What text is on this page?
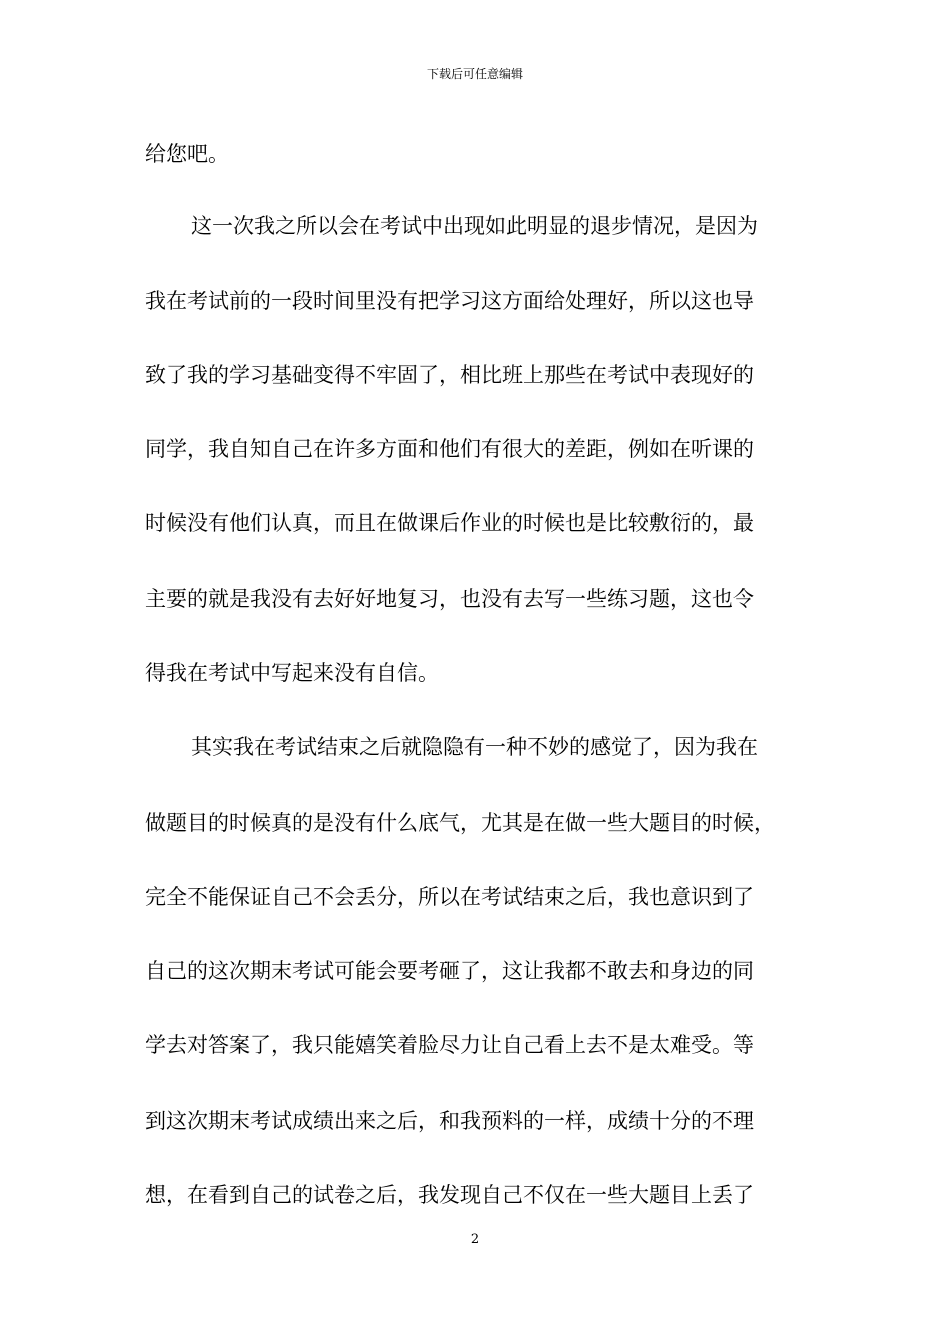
下载后可任意编辑
给您吧。
这一次我之所以会在考试中出现如此明显的退步情况，是因为
我在考试前的一段时间里没有把学习这方面给处理好，所以这也导
致了我的学习基础变得不牢固了，相比班上那些在考试中表现好的
同学，我自知自己在许多方面和他们有很大的差距，例如在听课的
时候没有他们认真，而且在做课后作业的时候也是比较敷衍的，最
主要的就是我没有去好好地复习，也没有去写一些练习题，这也令
得我在考试中写起来没有自信。
其实我在考试结束之后就隐隐有一种不妙的感觉了，因为我在
做题目的时候真的是没有什么底气，尤其是在做一些大题目的时候，
完全不能保证自己不会丢分，所以在考试结束之后，我也意识到了
自己的这次期末考试可能会要考砸了，这让我都不敢去和身边的同
学去对答案了，我只能嬉笑着脸尽力让自己看上去不是太难受。等
到这次期末考试成绩出来之后，和我预料的一样，成绩十分的不理
想，在看到自己的试卷之后，我发现自己不仅在一些大题目上丢了
2
